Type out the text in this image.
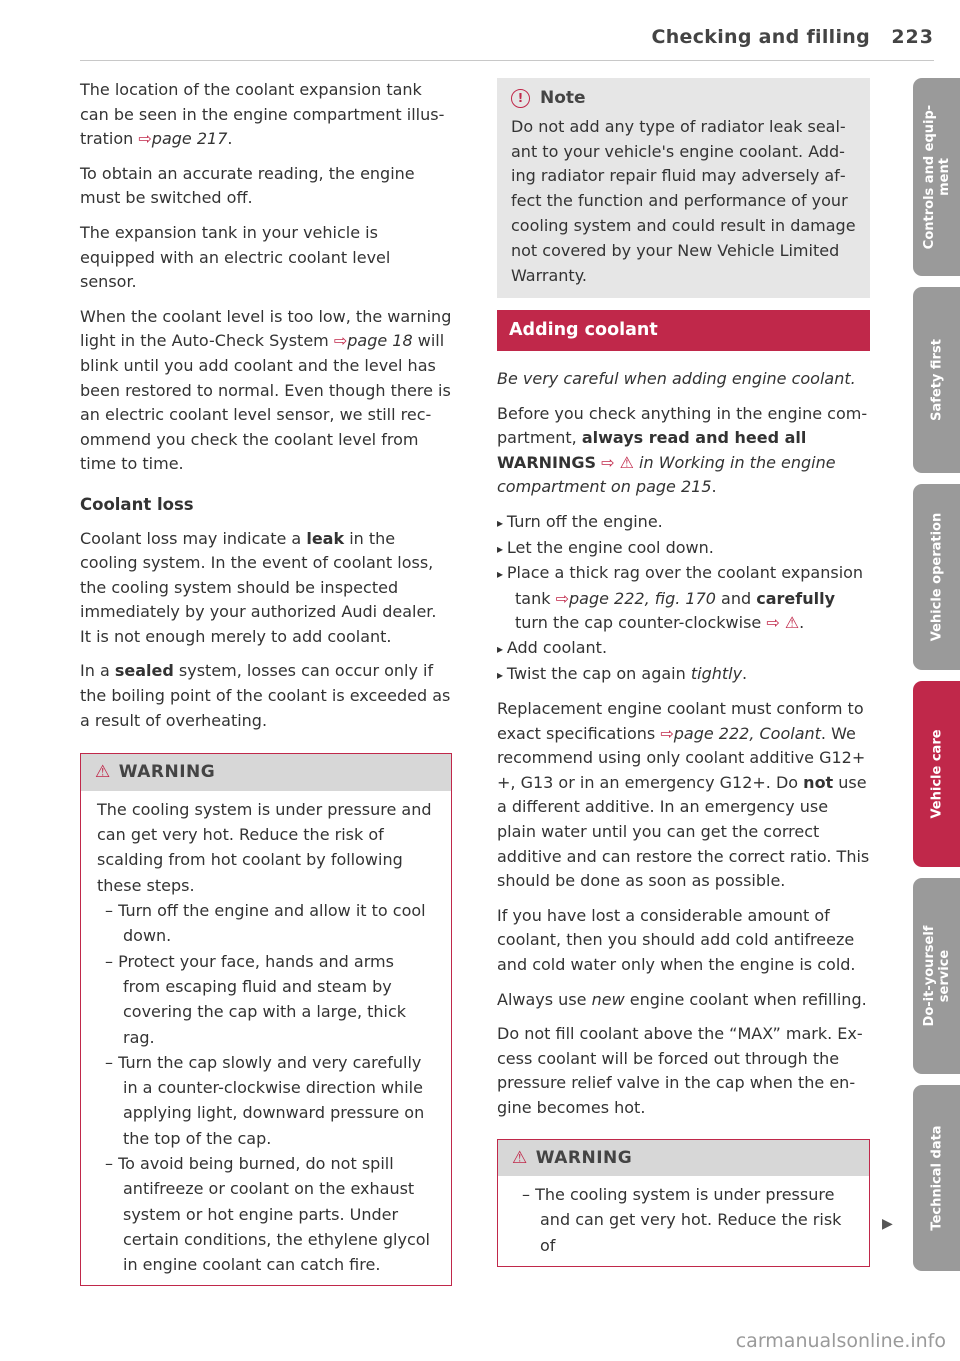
Checking and filling 223

The location of the coolant expansion tank can be seen in the engine compartment illustration ⇨page 217.

To obtain an accurate reading, the engine must be switched off.

The expansion tank in your vehicle is equipped with an electric coolant level sensor.

When the coolant level is too low, the warning light in the Auto-Check System ⇨page 18 will blink until you add coolant and the level has been restored to normal. Even though there is an electric coolant level sensor, we still recommend you check the coolant level from time to time.

Coolant loss

Coolant loss may indicate a leak in the cooling system. In the event of coolant loss, the cooling system should be inspected immediately by your authorized Audi dealer. It is not enough merely to add coolant.

In a sealed system, losses can occur only if the boiling point of the coolant is exceeded as a result of overheating.

⚠ WARNING

The cooling system is under pressure and can get very hot. Reduce the risk of scalding from hot coolant by following these steps.

– Turn off the engine and allow it to cool down.
– Protect your face, hands and arms from escaping fluid and steam by covering the cap with a large, thick rag.
– Turn the cap slowly and very carefully in a counter-clockwise direction while applying light, downward pressure on the top of the cap.
– To avoid being burned, do not spill antifreeze or coolant on the exhaust system or hot engine parts. Under certain conditions, the ethylene glycol in engine coolant can catch fire.
! Note
Do not add any type of radiator leak sealant to your vehicle's engine coolant. Adding radiator repair fluid may adversely affect the function and performance of your cooling system and could result in damage not covered by your New Vehicle Limited Warranty.
Adding coolant

Be very careful when adding engine coolant.

Before you check anything in the engine compartment, always read and heed all WARNINGS ⇨ ⚠ in Working in the engine compartment on page 215.

▸ Turn off the engine.
▸ Let the engine cool down.
▸ Place a thick rag over the coolant expansion tank ⇨page 222, fig. 170 and carefully turn the cap counter-clockwise ⇨ ⚠.
▸ Add coolant.
▸ Twist the cap on again tightly.

Replacement engine coolant must conform to exact specifications ⇨page 222, Coolant. We recommend using only coolant additive G12+ +, G13 or in an emergency G12+. Do not use a different additive. In an emergency use plain water until you can get the correct additive and can restore the correct ratio. This should be done as soon as possible.

If you have lost a considerable amount of coolant, then you should add cold antifreeze and cold water only when the engine is cold.

Always use new engine coolant when refilling.

Do not fill coolant above the “MAX” mark. Excess coolant will be forced out through the pressure relief valve in the cap when the engine becomes hot.

⚠ WARNING
– The cooling system is under pressure and can get very hot. Reduce the risk of
▶
Controls and equip-
ment
Safety first
Vehicle operation
Vehicle care
Do-it-yourself
service
Technical data
carmanualsonline.info
